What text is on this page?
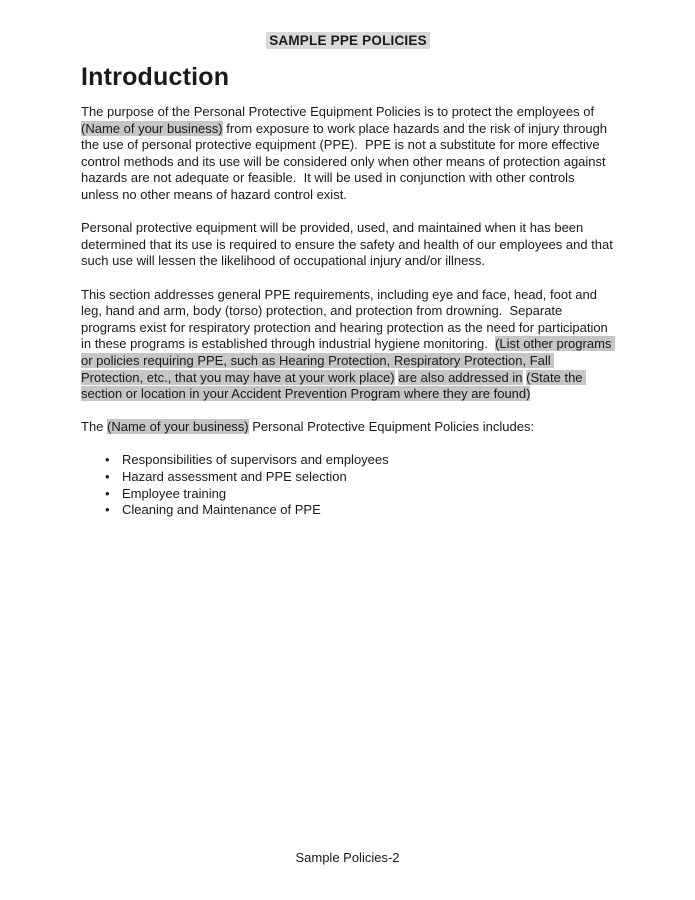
SAMPLE PPE POLICIES
Introduction

The purpose of the Personal Protective Equipment Policies is to protect the employees of (Name of your business) from exposure to work place hazards and the risk of injury through the use of personal protective equipment (PPE).  PPE is not a substitute for more effective control methods and its use will be considered only when other means of protection against hazards are not adequate or feasible.  It will be used in conjunction with other controls unless no other means of hazard control exist.

Personal protective equipment will be provided, used, and maintained when it has been determined that its use is required to ensure the safety and health of our employees and that such use will lessen the likelihood of occupational injury and/or illness.

This section addresses general PPE requirements, including eye and face, head, foot and leg, hand and arm, body (torso) protection, and protection from drowning.  Separate programs exist for respiratory protection and hearing protection as the need for participation in these programs is established through industrial hygiene monitoring.  (List other programs or policies requiring PPE, such as Hearing Protection, Respiratory Protection, Fall Protection, etc., that you may have at your work place) are also addressed in (State the section or location in your Accident Prevention Program where they are found)

The (Name of your business) Personal Protective Equipment Policies includes:

• Responsibilities of supervisors and employees
• Hazard assessment and PPE selection
• Employee training
• Cleaning and Maintenance of PPE
Sample Policies-2
